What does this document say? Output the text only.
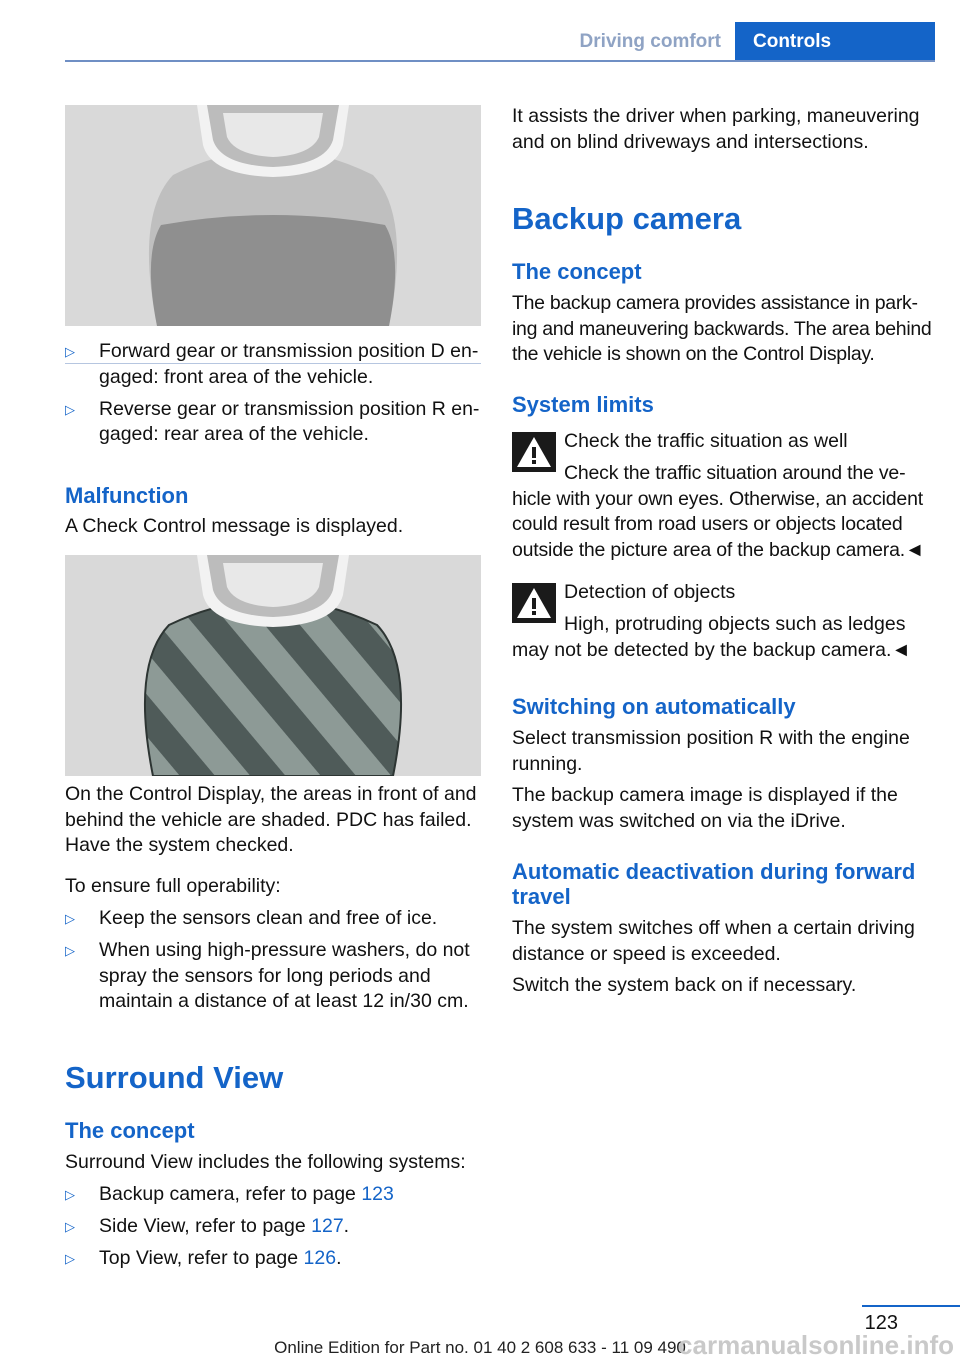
Driving comfort	Controls
▷ Forward gear or transmission position D engaged: front area of the vehicle.
▷ Reverse gear or transmission position R engaged: rear area of the vehicle.
Malfunction

A Check Control message is displayed.

On the Control Display, the areas in front of and behind the vehicle are shaded. PDC has failed. Have the system checked.

To ensure full operability:

▷ Keep the sensors clean and free of ice.
▷ When using high-pressure washers, do not spray the sensors for long periods and maintain a distance of at least 12 in/30 cm.
Surround View
The concept

Surround View includes the following systems:

▷ Backup camera, refer to page 123
▷ Side View, refer to page 127.
▷ Top View, refer to page 126.

It assists the driver when parking, maneuvering and on blind driveways and intersections.

Backup camera
The concept

The backup camera provides assistance in parking and maneuvering backwards. The area behind the vehicle is shown on the Control Display.

System limits

Check the traffic situation as well

Check the traffic situation around the vehicle with your own eyes. Otherwise, an accident could result from road users or objects located outside the picture area of the backup camera.◄

Detection of objects

High, protruding objects such as ledges may not be detected by the backup camera.◄

Switching on automatically

Select transmission position R with the engine running.

The backup camera image is displayed if the system was switched on via the iDrive.

Automatic deactivation during forward travel

The system switches off when a certain driving distance or speed is exceeded.

Switch the system back on if necessary.

123
Online Edition for Part no. 01 40 2 608 633 - 11 09 490
carmanualsonline.info
